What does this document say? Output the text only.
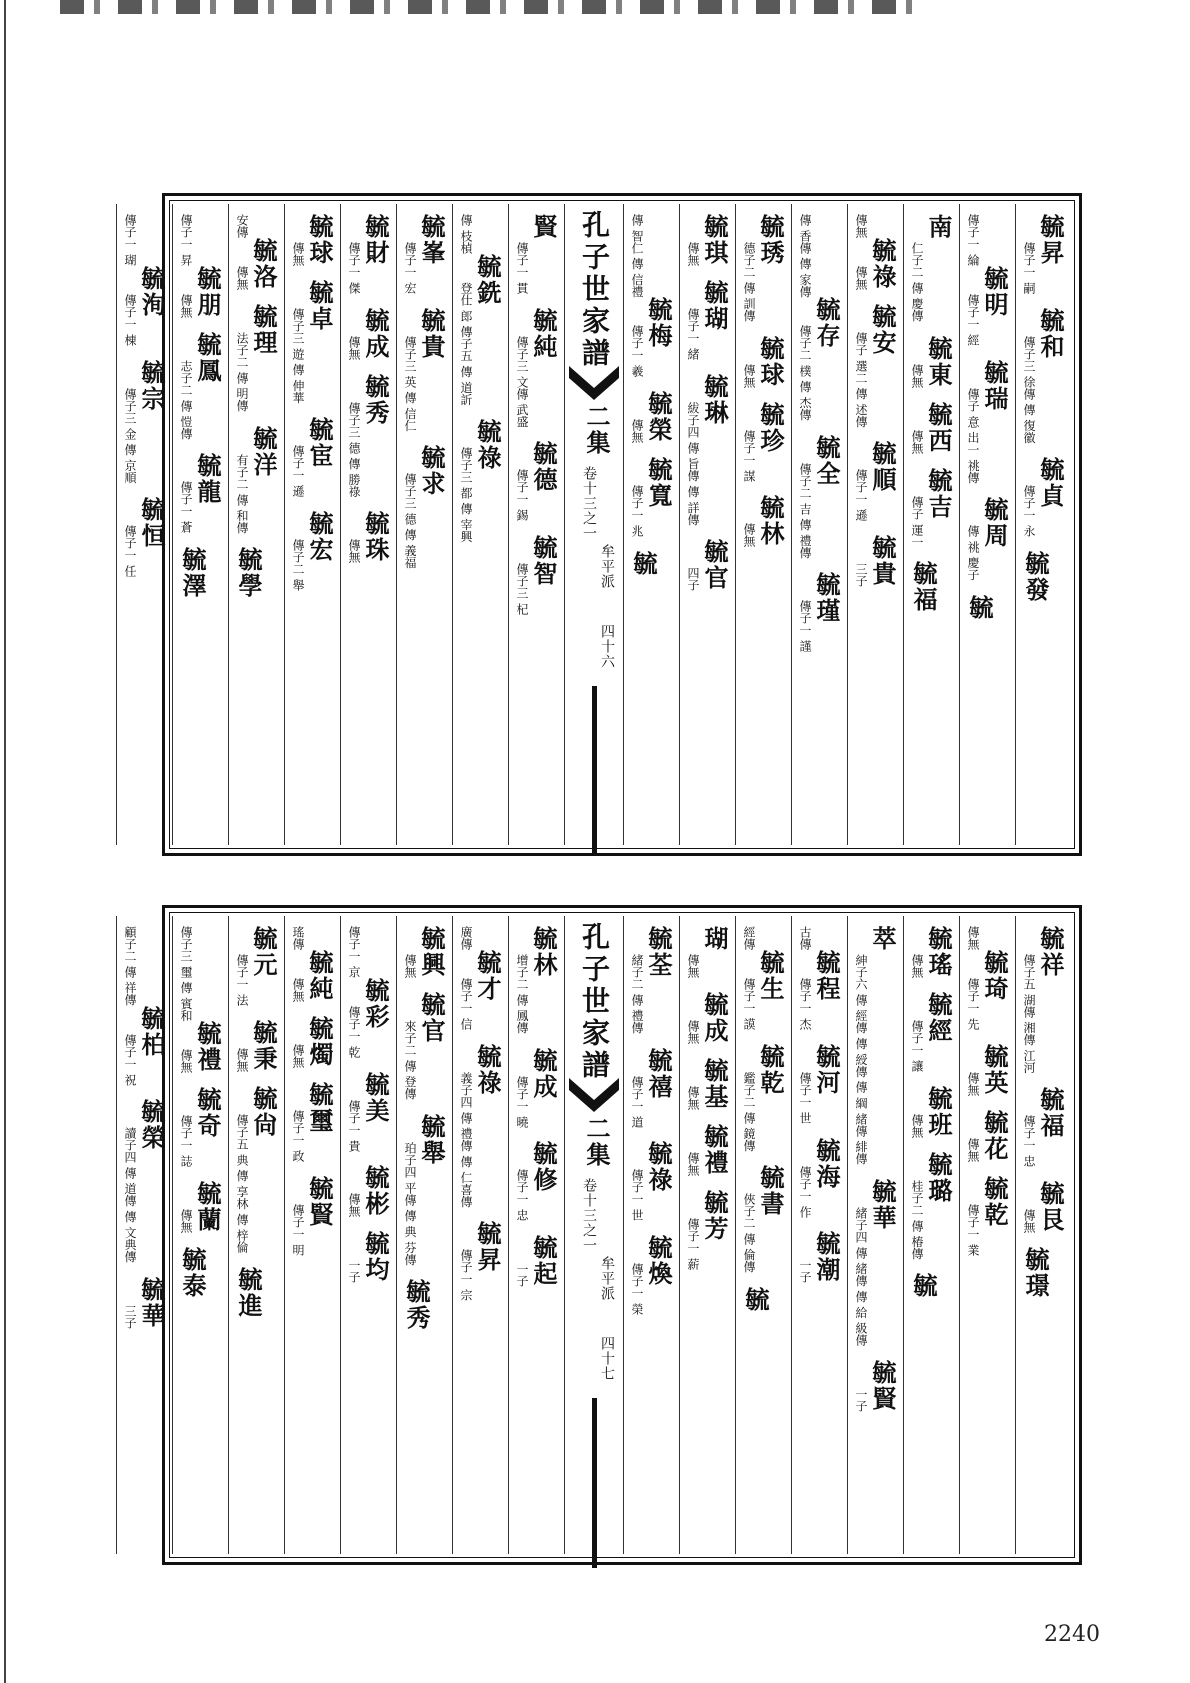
毓昇
傳子一 嗣
毓和
傳子三 徐傳 傳 復徽
毓貞
傳子一 永
毓發
傳子一 綸
毓明
傳子一 經
毓瑞
傳子 意 出一 祧傳
毓周
傳 祧 慶子
毓
南
仁子二 傳 慶傳
毓東
傳無
毓西
傳無
毓吉
傳子 運一
毓福
傳無
毓祿
傳無
毓安
傳子 選二 傳 述傳
毓順
傳子一 遜
毓貴
三子
傳 香傳 傳 家傳
毓存
傳子二 樸 傳 杰傳
毓全
傳子二 吉 傳 禮傳
毓瑾
傳子一 謹
毓琇
德子二 傳 訓傳
毓球
傳無
毓珍
傳子一 謀
毓林
傳無
毓琪
傳無
毓瑚
傳子一 緒
毓琳
紱子四 傳 旨傳 傳 詳傳
毓官
四子
傳 智仁 傳 信禮
毓梅
傳子一 羲
毓榮
傳無
毓寬
傳子一 兆
毓
孔子世家譜
二集
卷十三之一
牟平派
四十六
賢
傳子一 貫
毓純
傳子三 文傳 武盛
毓德
傳子一 錫
毓智
傳子三 杞
傳 枝楨
毓銑
登仕 郎 傳子五 傳 道訢
毓祿
傳子三 都 傳 宰興
毓峯
傳子一 宏
毓貴
傳子三 英 傳 信仁
毓求
傳子三 德 傳 義福
毓財
傳子一 傑
毓成
傳無
毓秀
傳子三 德 傳 勝祿
毓珠
傳無
毓球
傳無
毓卓
傳子三 遊 傳 伸華
毓宦
傳子一 遜
毓宏
傳子二 舉
安傳
毓洛
傳無
毓理
法子二 傳 明傳
毓洋
有子二 傳 和傳
毓學
傳子一 昇
毓朋
傳無
毓鳳
志子二 傳 愷傳
毓龍
傳子一 蒼
毓澤
傳子一 瑚
毓洵
傳子一 棟
毓宗
傳子三 金 傳 京順
毓恒
傳子一 任
毓祥
傳子五 湖傳 湘傳 江河
毓福
傳子一 忠
毓艮
傳無
毓璟
傳無
毓琦
傳子一 先
毓英
傳無
毓花
傳無
毓乾
傳子一 業
毓瑤
傳無
毓經
傳子一 讓
毓班
傳無
毓璐
桂子二 傳 椿傳
毓
萃
紳子六 傳 經傳 傳 綬傳 傳 綱 緒傳 緋傳
毓華
緒子四 傳 緒傳 傳 給 級傳
毓賢
一子
古傳
毓程
傳子一 杰
毓河
傳子一 世
毓海
傳子一 作
毓潮
一子
經傳
毓生
傳子一 謨
毓乾
鑑子二 傳 鏡傳
毓書
俠子二 傳 倫傳
毓
瑚
傳無
毓成
傳無
毓基
傳無
毓禮
傳無
毓芳
傳子一 薪
毓荃
緒子二 傳 禮傳
毓禧
傳子一 道
毓祿
傳子一 世
毓煥
傳子一 榮
孔子世家譜
二集
卷十三之一
牟平派
四十七
毓林
增子二 傳 鳳傳
毓成
傳子一 曉
毓修
傳子一 忠
毓起
一子
廣傳
毓才
傳子一 信
毓祿
義子四 傳 禮傳 傳 仁喜傳
毓昇
傳子一 宗
毓興
傳無
毓官
來子二 傳 登傳
毓舉
珀子四 平傳 傳 典 芬傳
毓秀
傳子一 京
毓彩
傳子一 乾
毓美
傳子一 貴
毓彬
傳無
毓均
一子
瑤傳
毓純
傳無
毓燭
傳無
毓璽
傳子一 政
毓賢
傳子一 明
毓元
傳子一 法
毓秉
傳無
毓尙
傳子五 典 傳 享林 傳 梓倫
毓進
傳子三 璽 傳 賓和
毓禮
傳無
毓奇
傳子一 誌
毓蘭
傳無
毓泰
顧子二 傳 祥傳
毓柏
傳子一 祝
毓榮
讀子四 傳 道傳 傳 文典傳
毓華
三子
2240
